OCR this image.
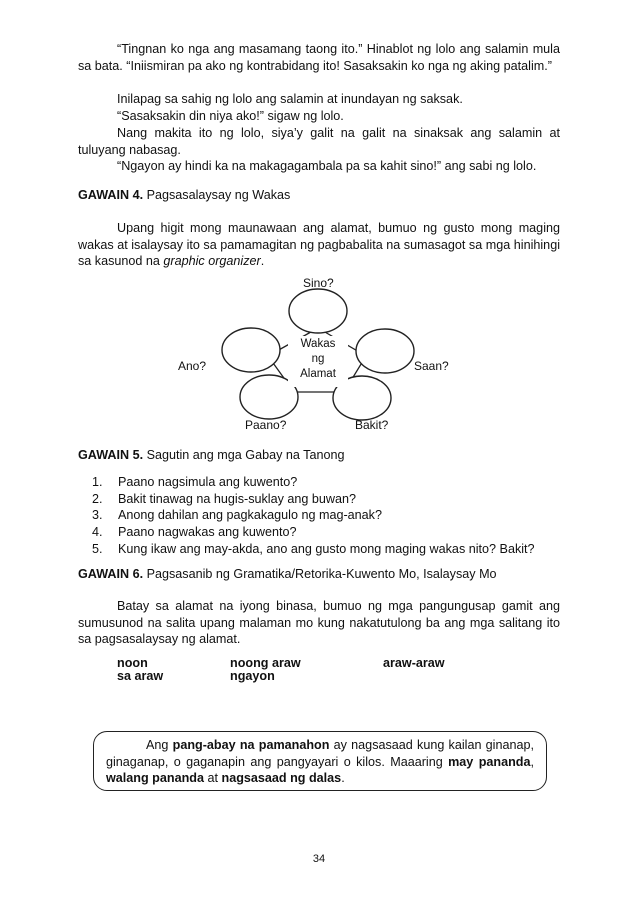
“Tingnan ko nga ang masamang taong ito.” Hinablot ng lolo ang salamin mula sa bata. “Iniismiran pa ako ng kontrabidang ito! Sasaksakin ko nga ng aking patalim.”

Inilapag sa sahig ng lolo ang salamin at inundayan ng saksak.

“Sasaksakin din niya ako!” sigaw ng lolo.

Nang makita ito ng lolo, siya’y galit na galit na sinaksak ang salamin at tuluyang nabasag.

“Ngayon ay hindi ka na makagagambala pa sa kahit sino!” ang sabi ng lolo.

GAWAIN 4. Pagsasalaysay ng Wakas

Upang higit mong maunawaan ang alamat, bumuo ng gusto mong maging wakas at isalaysay ito sa pamamagitan ng pagbabalita na sumasagot sa mga hinihingi sa kasunod na graphic organizer.

Wakas
ng
Alamat
Sino?
Saan?
Bakit?
Paano?
Ano?

GAWAIN 5. Sagutin ang mga Gabay na Tanong

1. Paano nagsimula ang kuwento?
2. Bakit tinawag na hugis-suklay ang buwan?
3. Anong dahilan ang pagkakagulo ng mag-anak?
4. Paano nagwakas ang kuwento?
5. Kung ikaw ang may-akda, ano ang gusto mong maging wakas nito? Bakit?

GAWAIN 6. Pagsasanib ng Gramatika/Retorika-Kuwento Mo, Isalaysay Mo

Batay sa alamat na iyong binasa, bumuo ng mga pangungusap gamit ang sumusunod na salita upang malaman mo kung nakatutulong ba ang mga salitang ito sa pagsasalaysay ng alamat.

noon	noong araw	araw-araw
sa araw	ngayon

Ang pang-abay na pamanahon ay nagsasaad kung kailan ginanap, ginaganap, o gaganapin ang pangyayari o kilos. Maaaring may pananda, walang pananda at nagsasaad ng dalas.

34
